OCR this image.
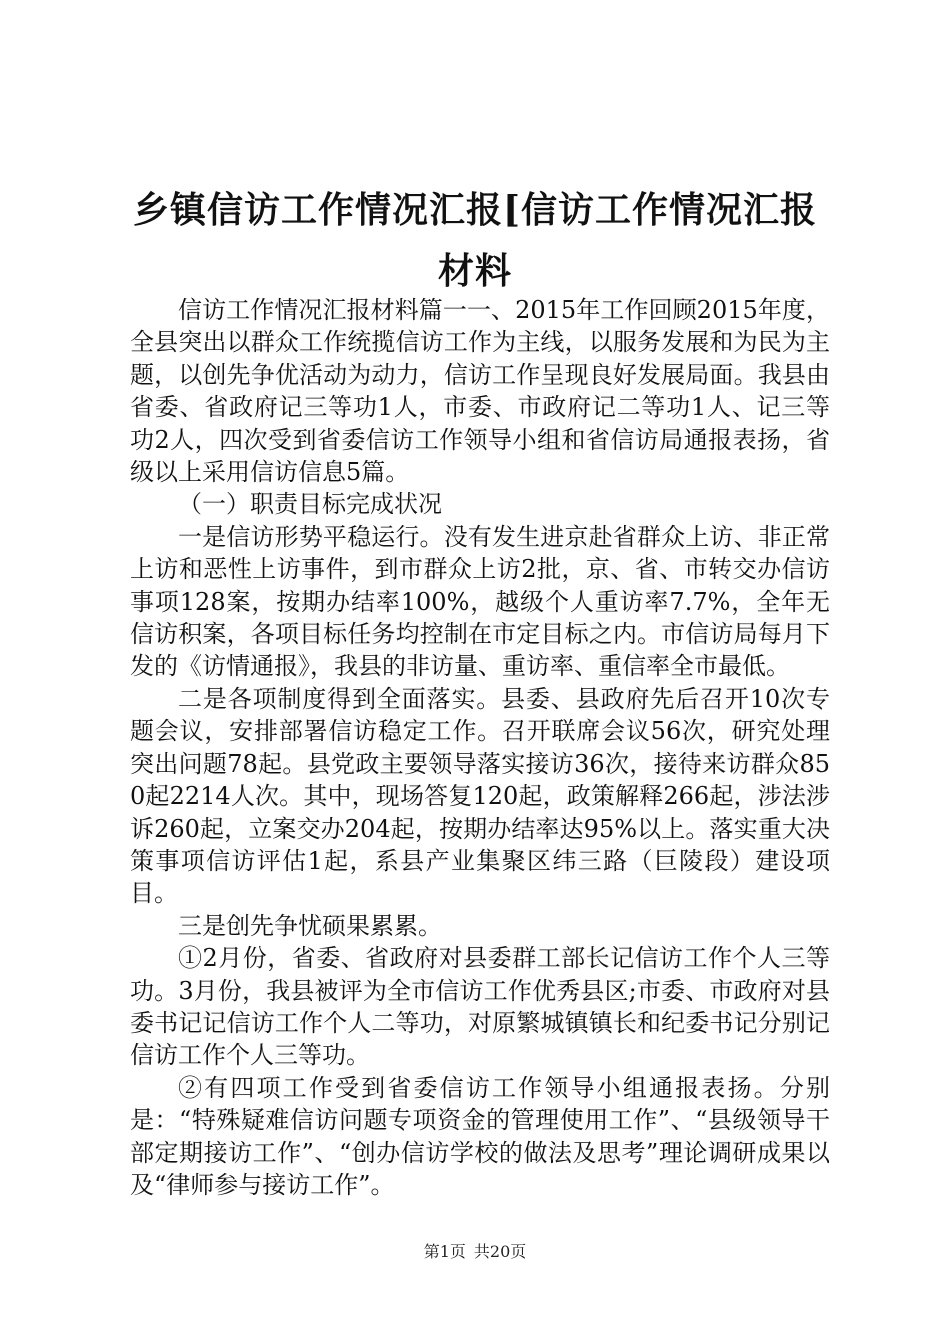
乡镇信访工作情况汇报[信访工作情况汇报材料

信访工作情况汇报材料篇一一、2015年工作回顾2015年度，全县突出以群众工作统揽信访工作为主线，以服务发展和为民为主题，以创先争优活动为动力，信访工作呈现良好发展局面。我县由省委、省政府记三等功1人，市委、市政府记二等功1人、记三等功2人，四次受到省委信访工作领导小组和省信访局通报表扬，省级以上采用信访信息5篇。

（一）职责目标完成状况

一是信访形势平稳运行。没有发生进京赴省群众上访、非正常上访和恶性上访事件，到市群众上访2批，京、省、市转交办信访事项128案，按期办结率100%，越级个人重访率7.7%，全年无信访积案，各项目标任务均控制在市定目标之内。市信访局每月下发的《访情通报》，我县的非访量、重访率、重信率全市最低。

二是各项制度得到全面落实。县委、县政府先后召开10次专题会议，安排部署信访稳定工作。召开联席会议56次，研究处理突出问题78起。县党政主要领导落实接访36次，接待来访群众850起2214人次。其中，现场答复120起，政策解释266起，涉法涉诉260起，立案交办204起，按期办结率达95%以上。落实重大决策事项信访评估1起，系县产业集聚区纬三路（巨陵段）建设项目。

三是创先争忧硕果累累。

①2月份，省委、省政府对县委群工部长记信访工作个人三等功。3月份，我县被评为全市信访工作优秀县区;市委、市政府对县委书记记信访工作个人二等功，对原繁城镇镇长和纪委书记分别记信访工作个人三等功。

②有四项工作受到省委信访工作领导小组通报表扬。分别是：“特殊疑难信访问题专项资金的管理使用工作”、“县级领导干部定期接访工作”、“创办信访学校的做法及思考”理论调研成果以及“律师参与接访工作”。

第1页 共20页
